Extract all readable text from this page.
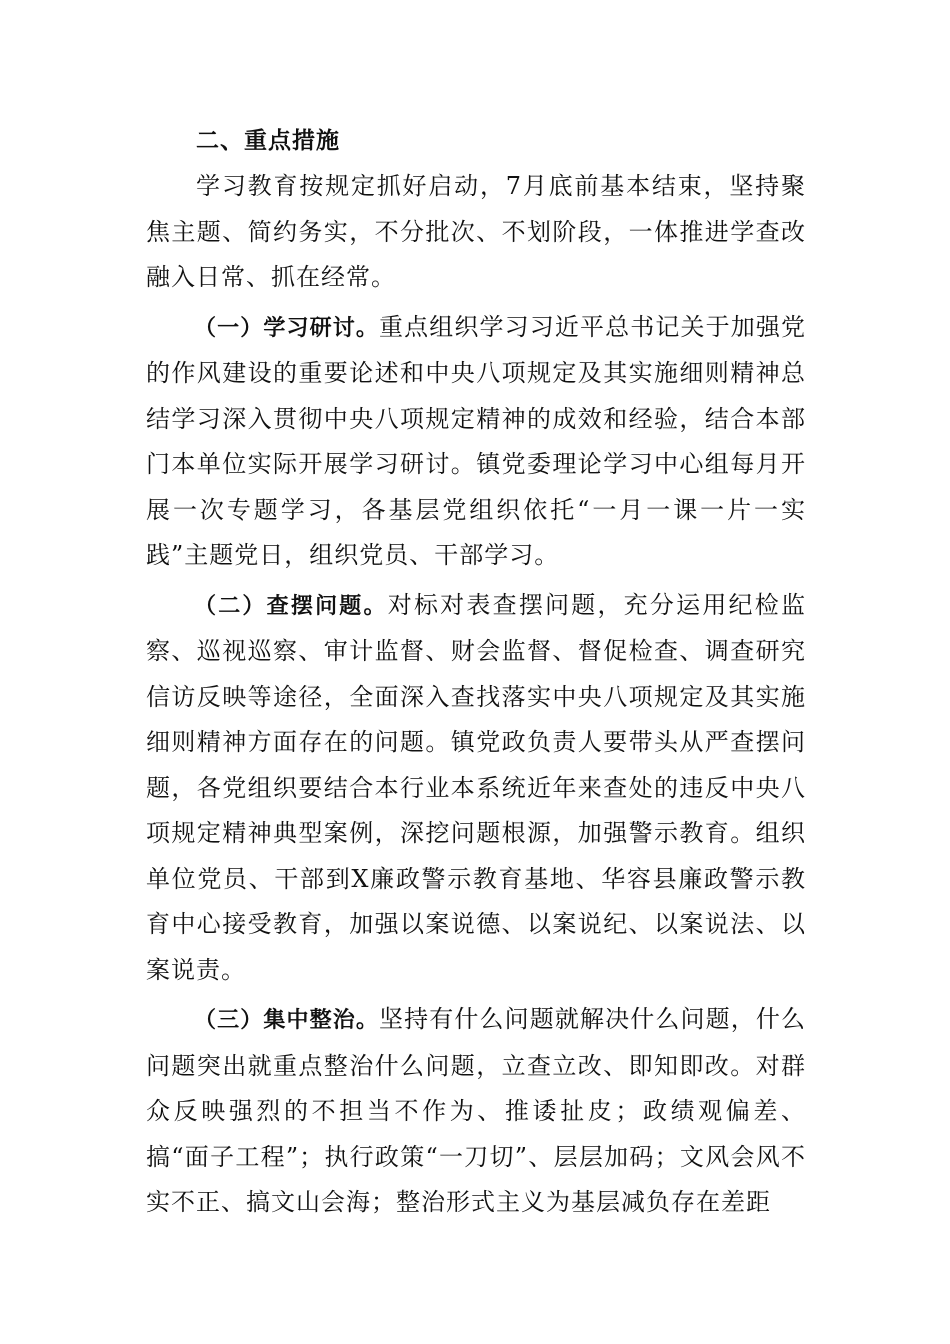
二、重点措施

学习教育按规定抓好启动，7月底前基本结束，坚持聚焦主题、简约务实，不分批次、不划阶段，一体推进学查改融入日常、抓在经常。

（一）学习研讨。重点组织学习习近平总书记关于加强党的作风建设的重要论述和中央八项规定及其实施细则精神总结学习深入贯彻中央八项规定精神的成效和经验，结合本部门本单位实际开展学习研讨。镇党委理论学习中心组每月开展一次专题学习，各基层党组织依托“一月一课一片一实践”主题党日，组织党员、干部学习。

（二）查摆问题。对标对表查摆问题，充分运用纪检监察、巡视巡察、审计监督、财会监督、督促检查、调查研究信访反映等途径，全面深入查找落实中央八项规定及其实施细则精神方面存在的问题。镇党政负责人要带头从严查摆问题，各党组织要结合本行业本系统近年来查处的违反中央八项规定精神典型案例，深挖问题根源，加强警示教育。组织单位党员、干部到X廉政警示教育基地、华容县廉政警示教育中心接受教育，加强以案说德、以案说纪、以案说法、以案说责。

（三）集中整治。坚持有什么问题就解决什么问题，什么问题突出就重点整治什么问题，立查立改、即知即改。对群众反映强烈的不担当不作为、推诿扯皮；政绩观偏差、搞“面子工程”；执行政策“一刀切”、层层加码；文风会风不实不正、搞文山会海；整治形式主义为基层减负存在差距
